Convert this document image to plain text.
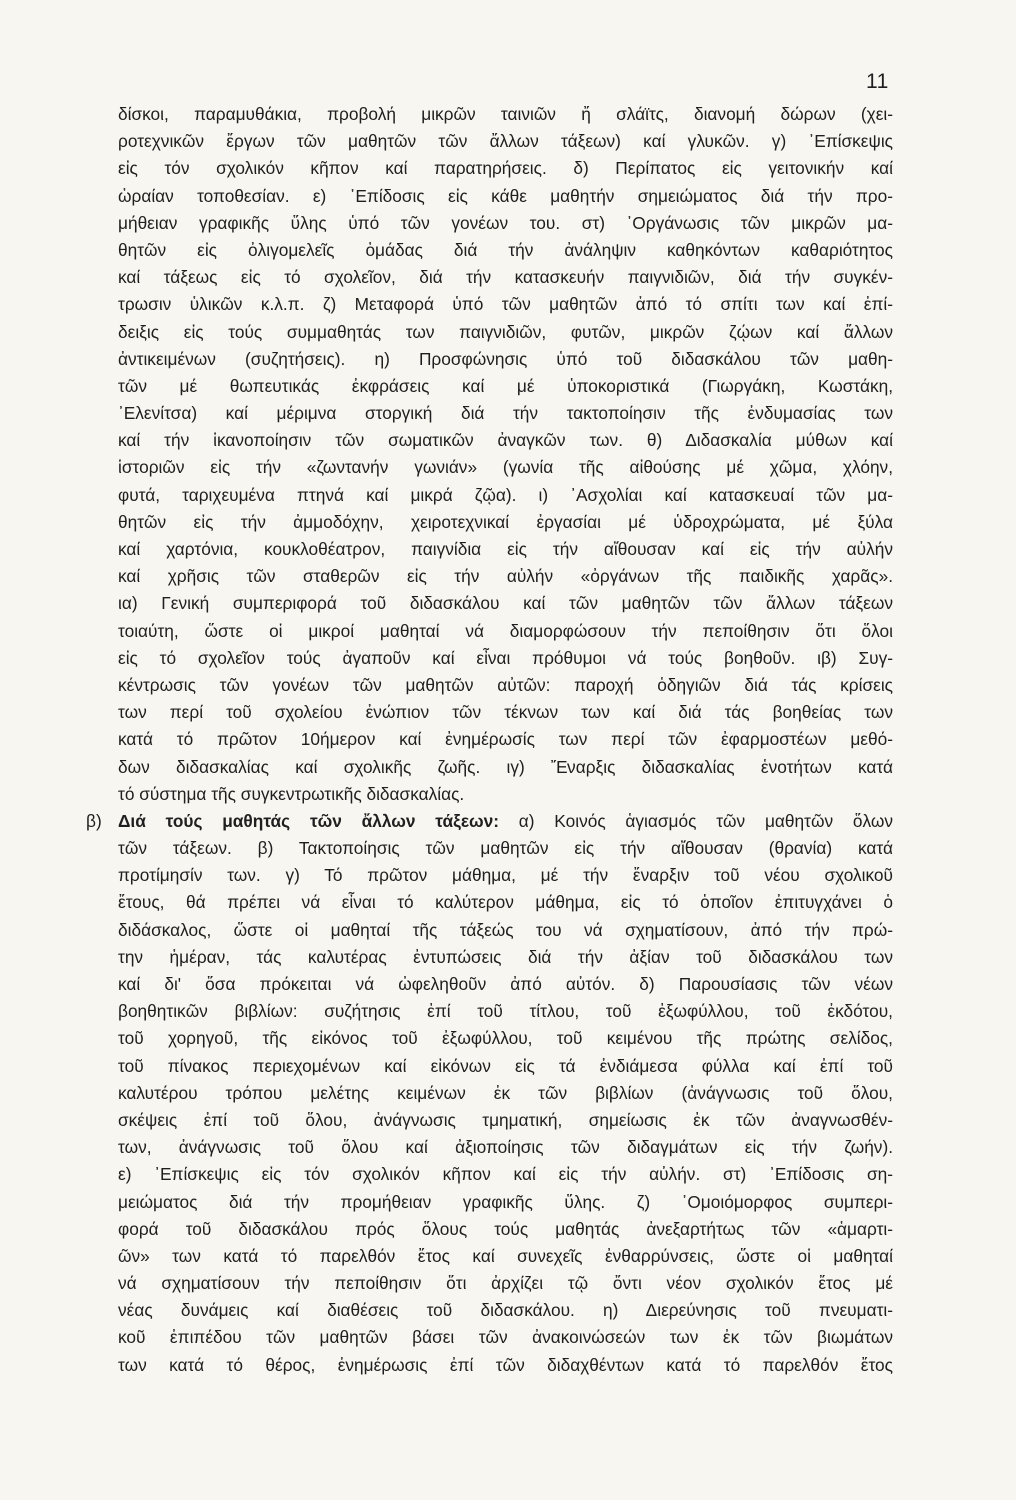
11
δίσκοι, παραμυθάκια, προβολή μικρῶν ταινιῶν ἤ σλάϊτς, διανομή δώρων (χει-
ροτεχνικῶν ἔργων τῶν μαθητῶν τῶν ἄλλων τάξεων) καί γλυκῶν. γ) ᾿Επίσκεψις
εἰς τόν σχολικόν κῆπον καί παρατηρήσεις. δ) Περίπατος εἰς γειτονικήν καί
ὡραίαν τοποθεσίαν. ε) ᾿Επίδοσις εἰς κάθε μαθητήν σημειώματος διά τήν προ-
μήθειαν γραφικῆς ὕλης ὑπό τῶν γονέων του. στ) ᾿Οργάνωσις τῶν μικρῶν μα-
θητῶν εἰς ὀλιγομελεῖς ὁμάδας διά τήν ἀνάληψιν καθηκόντων καθαριότητος
καί τάξεως εἰς τό σχολεῖον, διά τήν κατασκευήν παιγνιδιῶν, διά τήν συγκέν-
τρωσιν ὑλικῶν κ.λ.π. ζ) Μεταφορά ὑπό τῶν μαθητῶν ἀπό τό σπίτι των καί ἐπί-
δειξις εἰς τούς συμμαθητάς των παιγνιδιῶν, φυτῶν, μικρῶν ζῴων καί ἄλλων
ἀντικειμένων (συζητήσεις). η) Προσφώνησις ὑπό τοῦ διδασκάλου τῶν μαθη-
τῶν μέ θωπευτικάς ἐκφράσεις καί μέ ὑποκοριστικά (Γιωργάκη, Κωστάκη,
᾿Ελενίτσα) καί μέριμνα στοργική διά τήν τακτοποίησιν τῆς ἐνδυμασίας των
καί τήν ἱκανοποίησιν τῶν σωματικῶν ἀναγκῶν των. θ) Διδασκαλία μύθων καί
ἱστοριῶν εἰς τήν «ζωντανήν γωνιάν» (γωνία τῆς αἰθούσης μέ χῶμα, χλόην,
φυτά, ταριχευμένα πτηνά καί μικρά ζῷα). ι) ᾿Ασχολίαι καί κατασκευαί τῶν μα-
θητῶν εἰς τήν ἀμμοδόχην, χειροτεχνικαί ἐργασίαι μέ ὑδροχρώματα, μέ ξύλα
καί χαρτόνια, κουκλοθέατρον, παιγνίδια εἰς τήν αἴθουσαν καί εἰς τήν αὐλήν
καί χρῆσις τῶν σταθερῶν εἰς τήν αὐλήν «ὀργάνων τῆς παιδικῆς χαρᾶς».
ια) Γενική συμπεριφορά τοῦ διδασκάλου καί τῶν μαθητῶν τῶν ἄλλων τάξεων
τοιαύτη, ὥστε οἱ μικροί μαθηταί νά διαμορφώσουν τήν πεποίθησιν ὅτι ὅλοι
εἰς τό σχολεῖον τούς ἀγαποῦν καί εἶναι πρόθυμοι νά τούς βοηθοῦν. ιβ) Συγ-
κέντρωσις τῶν γονέων τῶν μαθητῶν αὐτῶν: παροχή ὁδηγιῶν διά τάς κρίσεις
των περί τοῦ σχολείου ἐνώπιον τῶν τέκνων των καί διά τάς βοηθείας των
κατά τό πρῶτον 10ήμερον καί ἐνημέρωσίς των περί τῶν ἐφαρμοστέων μεθό-
δων διδασκαλίας καί σχολικῆς ζωῆς. ιγ) Ἔναρξις διδασκαλίας ἑνοτήτων κατά
τό σύστημα τῆς συγκεντρωτικῆς διδασκαλίας.
β) Διά τούς μαθητάς τῶν ἄλλων τάξεων: α) Κοινός ἁγιασμός τῶν μαθητῶν ὅλων
τῶν τάξεων. β) Τακτοποίησις τῶν μαθητῶν εἰς τήν αἴθουσαν (θρανία) κατά
προτίμησίν των. γ) Τό πρῶτον μάθημα, μέ τήν ἔναρξιν τοῦ νέου σχολικοῦ
ἔτους, θά πρέπει νά εἶναι τό καλύτερον μάθημα, εἰς τό ὁποῖον ἐπιτυγχάνει ὁ
διδάσκαλος, ὥστε οἱ μαθηταί τῆς τάξεώς του νά σχηματίσουν, ἀπό τήν πρώ-
την ἡμέραν, τάς καλυτέρας ἐντυπώσεις διά τήν ἀξίαν τοῦ διδασκάλου των
καί δι' ὅσα πρόκειται νά ὠφεληθοῦν ἀπό αὐτόν. δ) Παρουσίασις τῶν νέων
βοηθητικῶν βιβλίων: συζήτησις ἐπί τοῦ τίτλου, τοῦ ἐξωφύλλου, τοῦ ἐκδότου,
τοῦ χορηγοῦ, τῆς εἰκόνος τοῦ ἐξωφύλλου, τοῦ κειμένου τῆς πρώτης σελίδος,
τοῦ πίνακος περιεχομένων καί εἰκόνων εἰς τά ἐνδιάμεσα φύλλα καί ἐπί τοῦ
καλυτέρου τρόπου μελέτης κειμένων ἐκ τῶν βιβλίων (ἀνάγνωσις τοῦ ὅλου,
σκέψεις ἐπί τοῦ ὅλου, ἀνάγνωσις τμηματική, σημείωσις ἐκ τῶν ἀναγνωσθέν-
των, ἀνάγνωσις τοῦ ὅλου καί ἀξιοποίησις τῶν διδαγμάτων εἰς τήν ζωήν).
ε) ᾿Επίσκεψις εἰς τόν σχολικόν κῆπον καί εἰς τήν αὐλήν. στ) ᾿Επίδοσις ση-
μειώματος διά τήν προμήθειαν γραφικῆς ὕλης. ζ) ᾿Ομοιόμορφος συμπερι-
φορά τοῦ διδασκάλου πρός ὅλους τούς μαθητάς ἀνεξαρτήτως τῶν «ἁμαρτι-
ῶν» των κατά τό παρελθόν ἔτος καί συνεχεῖς ἐνθαρρύνσεις, ὥστε οἱ μαθηταί
νά σχηματίσουν τήν πεποίθησιν ὅτι ἀρχίζει τῷ ὄντι νέον σχολικόν ἔτος μέ
νέας δυνάμεις καί διαθέσεις τοῦ διδασκάλου. η) Διερεύνησις τοῦ πνευματι-
κοῦ ἐπιπέδου τῶν μαθητῶν βάσει τῶν ἀνακοινώσεών των ἐκ τῶν βιωμάτων
των κατά τό θέρος, ἐνημέρωσις ἐπί τῶν διδαχθέντων κατά τό παρελθόν ἔτος
